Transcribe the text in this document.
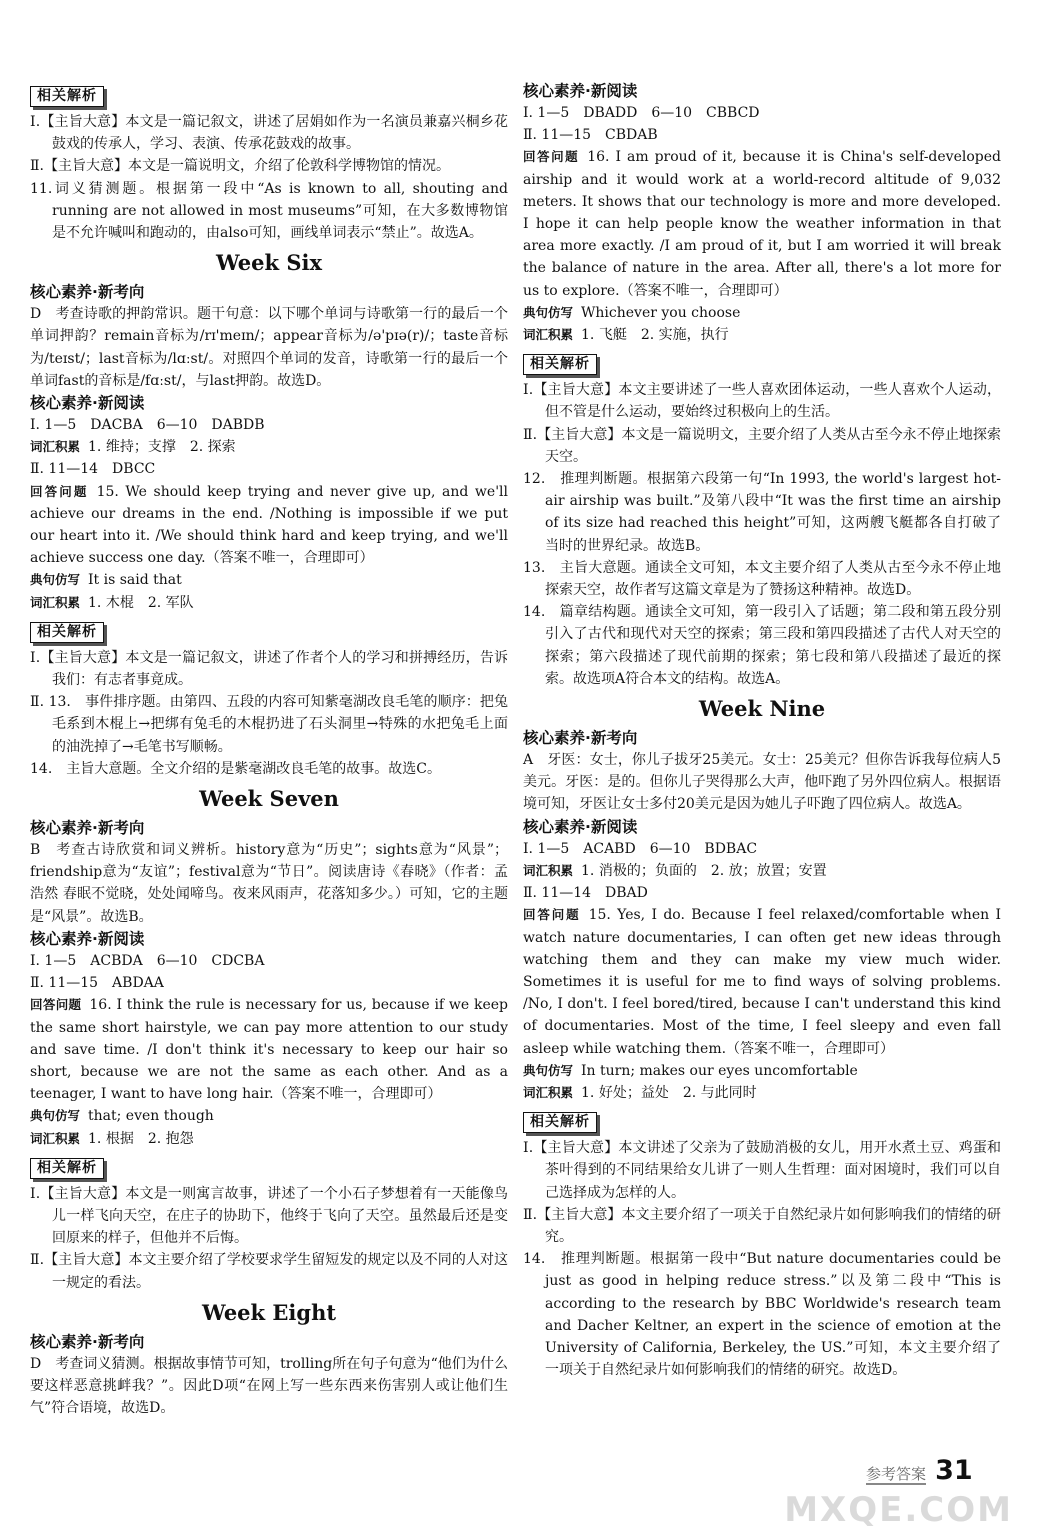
相关解析

Ⅰ.【主旨大意】本文是一篇记叙文，讲述了居娟如作为一名演员兼嘉兴桐乡花鼓戏的传承人，学习、表演、传承花鼓戏的故事。

Ⅱ.【主旨大意】本文是一篇说明文，介绍了伦敦科学博物馆的情况。

11.词义猜测题。根据第一段中“As is known to all, shouting and running are not allowed in most museums”可知，在大多数博物馆是不允许喊叫和跑动的，由also可知，画线单词表示“禁止”。故选A。

Week Six
核心素养·新考向

D　考查诗歌的押韵常识。题干句意：以下哪个单词与诗歌第一行的最后一个单词押韵？remain音标为/rɪ'meɪn/；appear音标为/ə'pɪə(r)/；taste音标为/teɪst/；last音标为/lɑːst/。对照四个单词的发音，诗歌第一行的最后一个单词fast的音标是/fɑːst/，与last押韵。故选D。

核心素养·新阅读

Ⅰ. 1—5　DACBA　6—10　DABDB

词汇积累 1. 维持；支撑　2. 探索

Ⅱ. 11—14　DBCC

回答问题 15. We should keep trying and never give up, and we'll achieve our dreams in the end. /Nothing is impossible if we put our heart into it. /We should think hard and keep trying, and we'll achieve success one day.（答案不唯一，合理即可）

典句仿写 It is said that

词汇积累 1. 木棍　2. 军队

相关解析

Ⅰ.【主旨大意】本文是一篇记叙文，讲述了作者个人的学习和拼搏经历，告诉我们：有志者事竟成。

Ⅱ. 13.　事件排序题。由第四、五段的内容可知紫毫湖改良毛笔的顺序：把兔毛系到木棍上→把绑有兔毛的木棍扔进了石头洞里→特殊的水把兔毛上面的油洗掉了→毛笔书写顺畅。

14.　主旨大意题。全文介绍的是紫毫湖改良毛笔的故事。故选C。

Week Seven
核心素养·新考向

B　考查古诗欣赏和词义辨析。history意为“历史”；sights意为“风景”；friendship意为“友谊”；festival意为“节日”。阅读唐诗《春晓》（作者：孟浩然 春眠不觉晓，处处闻啼鸟。夜来风雨声，花落知多少。）可知，它的主题是“风景”。故选B。

核心素养·新阅读

Ⅰ. 1—5　ACBDA　6—10　CDCBA

Ⅱ. 11—15　ABDAA

回答问题 16. I think the rule is necessary for us, because if we keep the same short hairstyle, we can pay more attention to our study and save time. /I don't think it's necessary to keep our hair so short, because we are not the same as each other. And as a teenager, I want to have long hair.（答案不唯一，合理即可）

典句仿写 that; even though

词汇积累 1. 根据　2. 抱怨

相关解析

Ⅰ.【主旨大意】本文是一则寓言故事，讲述了一个小石子梦想着有一天能像鸟儿一样飞向天空，在庄子的协助下，他终于飞向了天空。虽然最后还是变回原来的样子，但他并不后悔。

Ⅱ.【主旨大意】本文主要介绍了学校要求学生留短发的规定以及不同的人对这一规定的看法。

Week Eight
核心素养·新考向

D　考查词义猜测。根据故事情节可知，trolling所在句子句意为“他们为什么要这样恶意挑衅我？”。因此D项“在网上写一些东西来伤害别人或让他们生气”符合语境，故选D。

核心素养·新阅读

Ⅰ. 1—5　DBADD　6—10　CBBCD

Ⅱ. 11—15　CBDAB

回答问题 16. I am proud of it, because it is China's self-developed airship and it would work at a world-record altitude of 9,032 meters. It shows that our technology is more and more developed. I hope it can help people know the weather information in that area more exactly. /I am proud of it, but I am worried it will break the balance of nature in the area. After all, there's a lot more for us to explore.（答案不唯一，合理即可）

典句仿写 Whichever you choose

词汇积累 1. 飞艇　2. 实施，执行

相关解析

Ⅰ.【主旨大意】本文主要讲述了一些人喜欢团体运动，一些人喜欢个人运动，但不管是什么运动，要始终过积极向上的生活。

Ⅱ.【主旨大意】本文是一篇说明文，主要介绍了人类从古至今永不停止地探索天空。

12.　推理判断题。根据第六段第一句“In 1993, the world's largest hot-air airship was built.”及第八段中“It was the first time an airship of its size had reached this height”可知，这两艘飞艇都各自打破了当时的世界纪录。故选B。

13.　主旨大意题。通读全文可知，本文主要介绍了人类从古至今永不停止地探索天空，故作者写这篇文章是为了赞扬这种精神。故选D。

14.　篇章结构题。通读全文可知，第一段引入了话题；第二段和第五段分别引入了古代和现代对天空的探索；第三段和第四段描述了古代人对天空的探索；第六段描述了现代前期的探索；第七段和第八段描述了最近的探索。故选项A符合本文的结构。故选A。

Week Nine
核心素养·新考向

A　牙医：女士，你儿子拔牙25美元。女士：25美元？但你告诉我每位病人5美元。牙医：是的。但你儿子哭得那么大声，他吓跑了另外四位病人。根据语境可知，牙医让女士多付20美元是因为她儿子吓跑了四位病人。故选A。

核心素养·新阅读

Ⅰ. 1—5　ACABD　6—10　BDBAC

词汇积累 1. 消极的；负面的　2. 放；放置；安置

Ⅱ. 11—14　DBAD

回答问题 15. Yes, I do. Because I feel relaxed/comfortable when I watch nature documentaries, I can often get new ideas through watching them and they can make my view much wider. Sometimes it is useful for me to find ways of solving problems. /No, I don't. I feel bored/tired, because I can't understand this kind of documentaries. Most of the time, I feel sleepy and even fall asleep while watching them.（答案不唯一，合理即可）

典句仿写 In turn; makes our eyes uncomfortable

词汇积累 1. 好处；益处　2. 与此同时

相关解析

Ⅰ.【主旨大意】本文讲述了父亲为了鼓励消极的女儿，用开水煮土豆、鸡蛋和茶叶得到的不同结果给女儿讲了一则人生哲理：面对困境时，我们可以自己选择成为怎样的人。

Ⅱ.【主旨大意】本文主要介绍了一项关于自然纪录片如何影响我们的情绪的研究。

14.　推理判断题。根据第一段中“But nature documentaries could be just as good in helping reduce stress.”以及第二段中“This is according to the research by BBC Worldwide's research team and Dacher Keltner, an expert in the science of emotion at the University of California, Berkeley, the US.”可知，本文主要介绍了一项关于自然纪录片如何影响我们的情绪的研究。故选D。

参考答案 31
MXQE.COM
